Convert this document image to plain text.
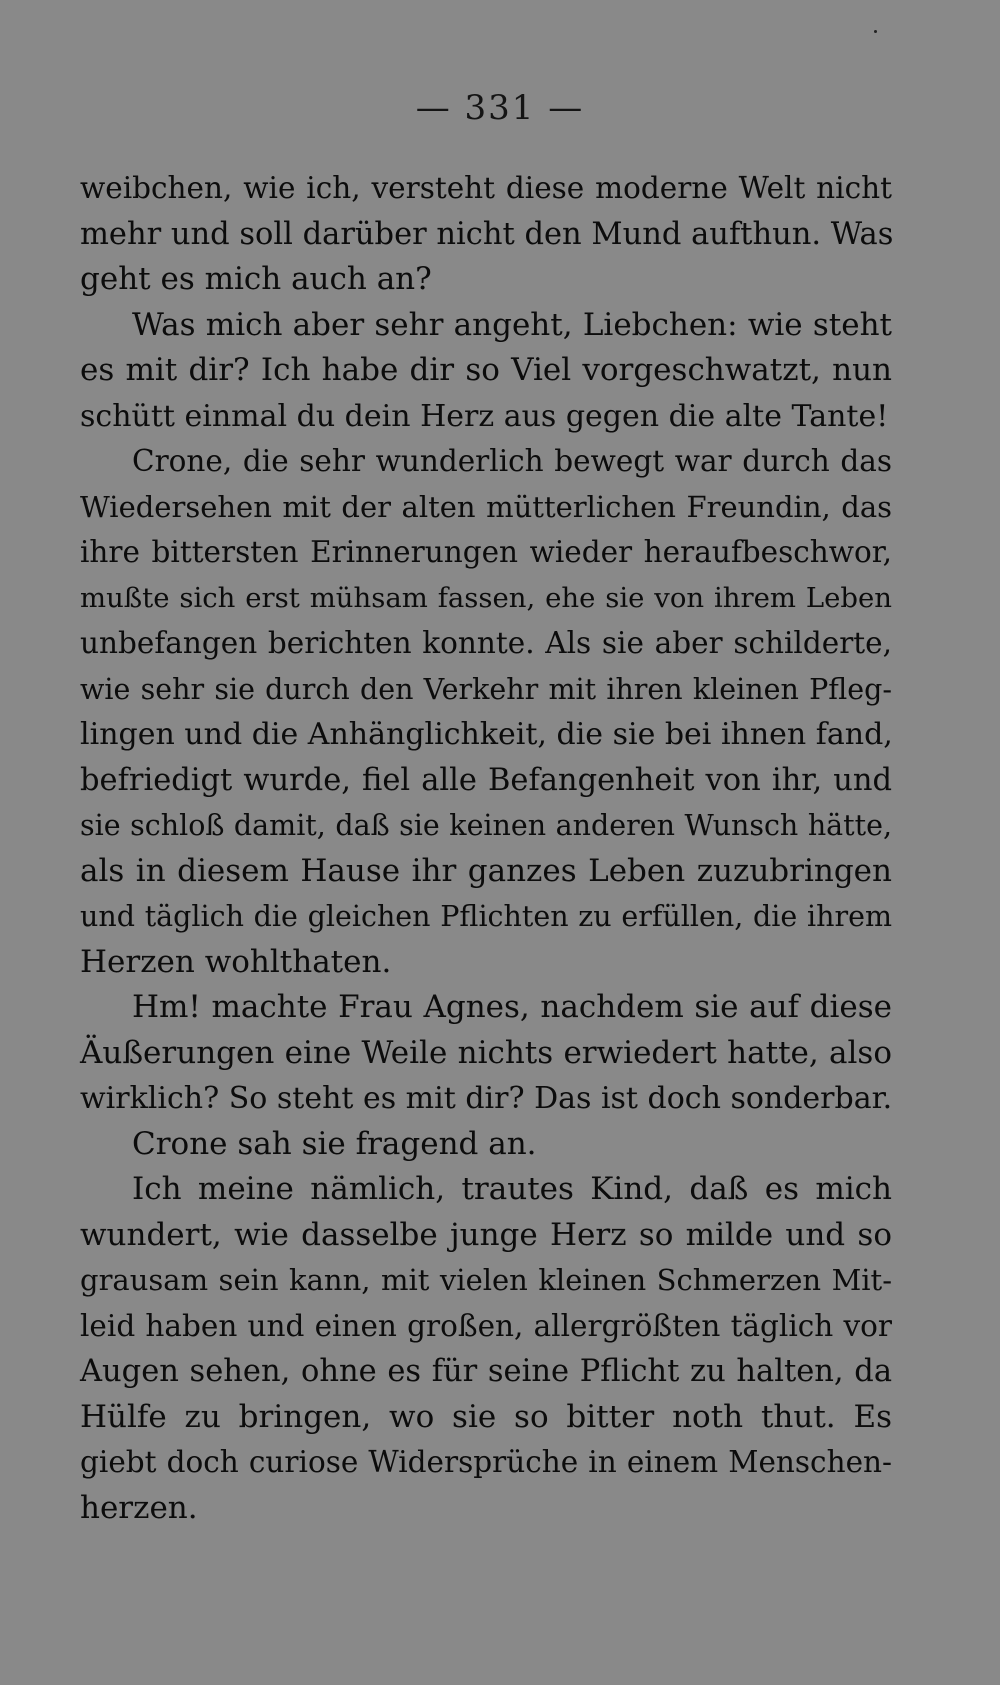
— 331 —
weibchen, wie ich, versteht diese moderne Welt nicht
mehr und soll darüber nicht den Mund aufthun. Was
geht es mich auch an?
Was mich aber sehr angeht, Liebchen: wie steht
es mit dir? Ich habe dir so Viel vorgeschwatzt, nun
schütt einmal du dein Herz aus gegen die alte Tante!
Crone, die sehr wunderlich bewegt war durch das
Wiedersehen mit der alten mütterlichen Freundin, das
ihre bittersten Erinnerungen wieder heraufbeschwor,
mußte sich erst mühsam fassen, ehe sie von ihrem Leben
unbefangen berichten konnte. Als sie aber schilderte,
wie sehr sie durch den Verkehr mit ihren kleinen Pfleg-
lingen und die Anhänglichkeit, die sie bei ihnen fand,
befriedigt wurde, fiel alle Befangenheit von ihr, und
sie schloß damit, daß sie keinen anderen Wunsch hätte,
als in diesem Hause ihr ganzes Leben zuzubringen
und täglich die gleichen Pflichten zu erfüllen, die ihrem
Herzen wohlthaten.
Hm! machte Frau Agnes, nachdem sie auf diese
Äußerungen eine Weile nichts erwiedert hatte, also
wirklich? So steht es mit dir? Das ist doch sonderbar.
Crone sah sie fragend an.
Ich meine nämlich, trautes Kind, daß es mich
wundert, wie dasselbe junge Herz so milde und so
grausam sein kann, mit vielen kleinen Schmerzen Mit-
leid haben und einen großen, allergrößten täglich vor
Augen sehen, ohne es für seine Pflicht zu halten, da
Hülfe zu bringen, wo sie so bitter noth thut. Es
giebt doch curiose Widersprüche in einem Menschen-
herzen.
